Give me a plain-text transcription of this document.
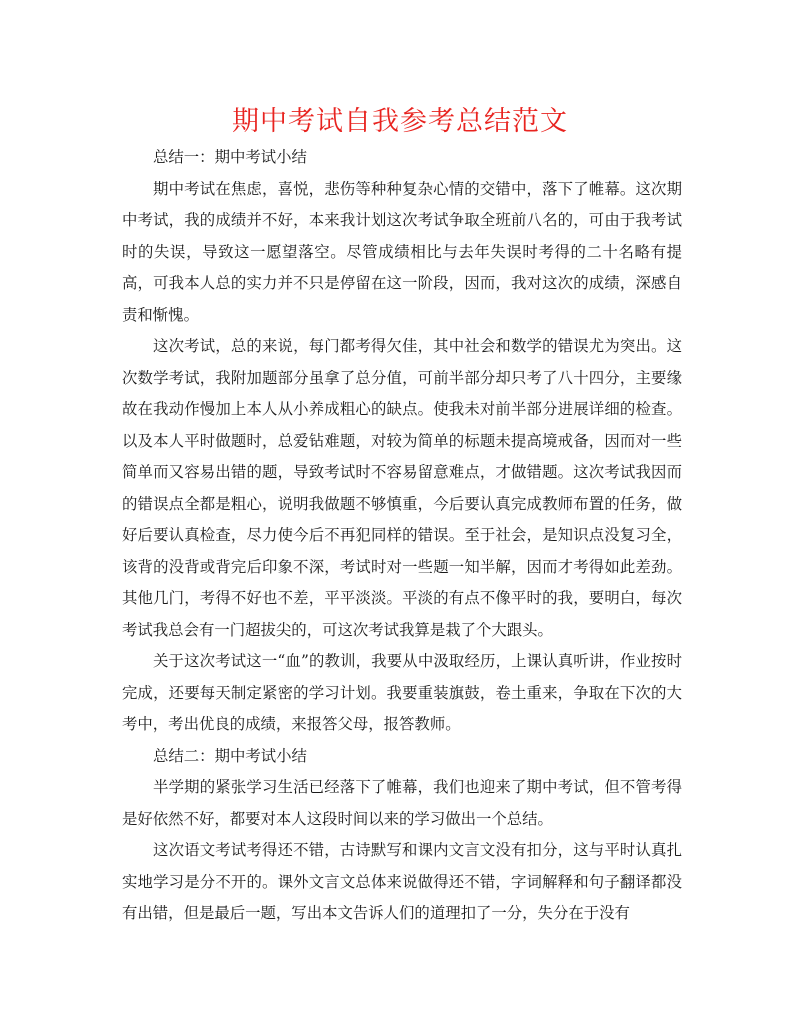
期中考试自我参考总结范文

总结一：期中考试小结

期中考试在焦虑，喜悦，悲伤等种种复杂心情的交错中，落下了帷幕。这次期中考试，我的成绩并不好，本来我计划这次考试争取全班前八名的，可由于我考试时的失误，导致这一愿望落空。尽管成绩相比与去年失误时考得的二十名略有提高，可我本人总的实力并不只是停留在这一阶段，因而，我对这次的成绩，深感自责和惭愧。

这次考试，总的来说，每门都考得欠佳，其中社会和数学的错误尤为突出。这次数学考试，我附加题部分虽拿了总分值，可前半部分却只考了八十四分，主要缘故在我动作慢加上本人从小养成粗心的缺点。使我未对前半部分进展详细的检查。以及本人平时做题时，总爱钻难题，对较为简单的标题未提高境戒备，因而对一些简单而又容易出错的题，导致考试时不容易留意难点，才做错题。这次考试我因而的错误点全都是粗心，说明我做题不够慎重，今后要认真完成教师布置的任务，做好后要认真检查，尽力使今后不再犯同样的错误。至于社会，是知识点没复习全，该背的没背或背完后印象不深，考试时对一些题一知半解，因而才考得如此差劲。其他几门，考得不好也不差，平平淡淡。平淡的有点不像平时的我，要明白，每次考试我总会有一门超拔尖的，可这次考试我算是栽了个大跟头。

关于这次考试这一“血”的教训，我要从中汲取经历，上课认真听讲，作业按时完成，还要每天制定紧密的学习计划。我要重装旗鼓，卷土重来，争取在下次的大考中，考出优良的成绩，来报答父母，报答教师。

总结二：期中考试小结

半学期的紧张学习生活已经落下了帷幕，我们也迎来了期中考试，但不管考得是好依然不好，都要对本人这段时间以来的学习做出一个总结。

这次语文考试考得还不错，古诗默写和课内文言文没有扣分，这与平时认真扎实地学习是分不开的。课外文言文总体来说做得还不错，字词解释和句子翻译都没有出错，但是最后一题，写出本文告诉人们的道理扣了一分，失分在于没有
